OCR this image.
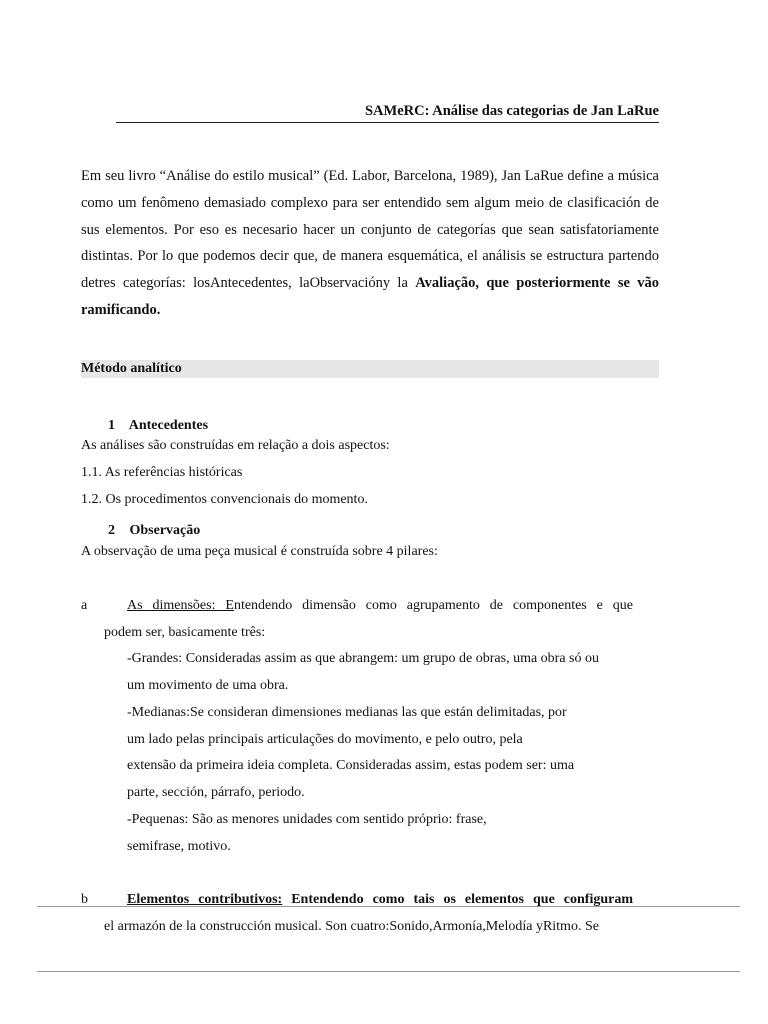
SAMeRC: Análise das categorias de Jan LaRue
Em seu livro “Análise do estilo musical” (Ed. Labor, Barcelona, 1989), Jan LaRue define a música como um fenômeno demasiado complexo para ser entendido sem algum meio de clasificación de sus elementos. Por eso es necesario hacer un conjunto de categorías que sean satisfatoriamente distintas. Por lo que podemos decir que, de manera esquemática, el análisis se estructura partendo detres categorías: losAntecedentes, laObservacióny la Avaliação, que posteriormente se vão ramificando.
Método analítico
1 Antecedentes
As análises são construídas em relação a dois aspectos:
1.1. As referências históricas
1.2. Os procedimentos convencionais do momento.
2 Observação
A observação de uma peça musical é construída sobre 4 pilares:
a	As dimensões: Entendendo dimensão como agrupamento de componentes e que
podem ser, basicamente três:
-Grandes: Consideradas assim as que abrangem: um grupo de obras, uma obra só ou
um movimento de uma obra.
-Medianas:Se consideran dimensiones medianas las que están delimitadas, por
um lado pelas principais articulações do movimento, e pelo outro, pela
extensão da primeira ideia completa. Consideradas assim, estas podem ser: uma
parte, sección, párrafo, periodo.
-Pequenas: São as menores unidades com sentido próprio: frase,
semifrase, motivo.
b	Elementos contributivos: Entendendo como tais os elementos que configuram
el armazón de la construcción musical. Son cuatro:Sonido,Armonía,Melodía yRitmo. Se
